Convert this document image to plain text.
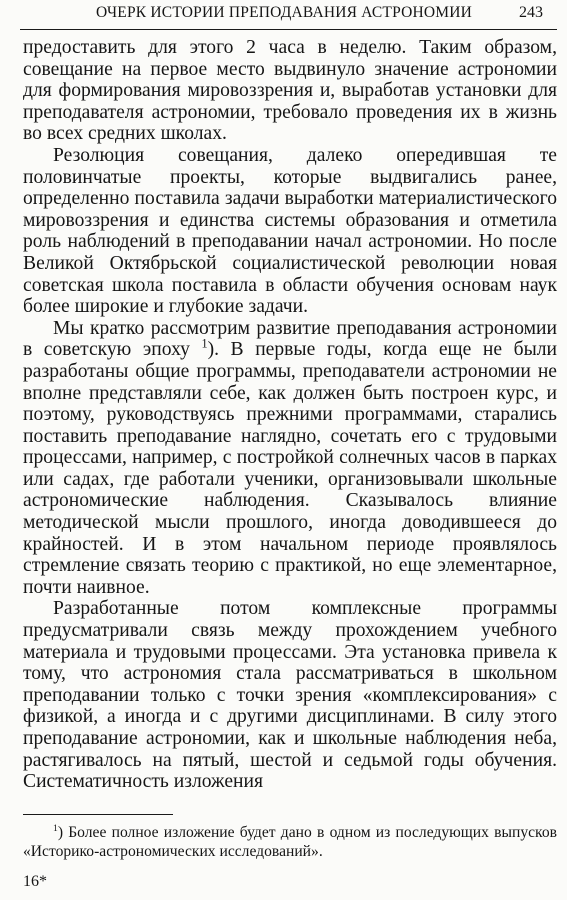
ОЧЕРК ИСТОРИИ ПРЕПОДАВАНИЯ АСТРОНОМИИ	243

предоставить для этого 2 часа в неделю. Таким образом, совещание на первое место выдвинуло значение астрономии для формирования мировоззрения и, выработав установки для преподавателя астрономии, требовало проведения их в жизнь во всех средних школах.

Резолюция совещания, далеко опередившая те половинчатые проекты, которые выдвигались ранее, определенно поставила задачи выработки материалистического мировоззрения и единства системы образования и отметила роль наблюдений в преподавании начал астрономии. Но после Великой Октябрьской социалистической революции новая советская школа поставила в области обучения основам наук более широкие и глубокие задачи.

Мы кратко рассмотрим развитие преподавания астрономии в советскую эпоху $^1$). В первые годы, когда еще не были разработаны общие программы, преподаватели астрономии не вполне представляли себе, как должен быть построен курс, и поэтому, руководствуясь прежними программами, старались поставить преподавание наглядно, сочетать его с трудовыми процессами, например, с постройкой солнечных часов в парках или садах, где работали ученики, организовывали школьные астрономические наблюдения. Сказывалось влияние методической мысли прошлого, иногда доводившееся до крайностей. И в этом начальном периоде проявлялось стремление связать теорию с практикой, но еще элементарное, почти наивное.

Разработанные потом комплексные программы предусматривали связь между прохождением учебного материала и трудовыми процессами. Эта установка привела к тому, что астрономия стала рассматриваться в школьном преподавании только с точки зрения «комплексирования» с физикой, а иногда и с другими дисциплинами. В силу этого преподавание астрономии, как и школьные наблюдения неба, растягивалось на пятый, шестой и седьмой годы обучения. Систематичность изложения

$^1$) Более полное изложение будет дано в одном из последующих выпусков «Историко-астрономических исследований».
16*
